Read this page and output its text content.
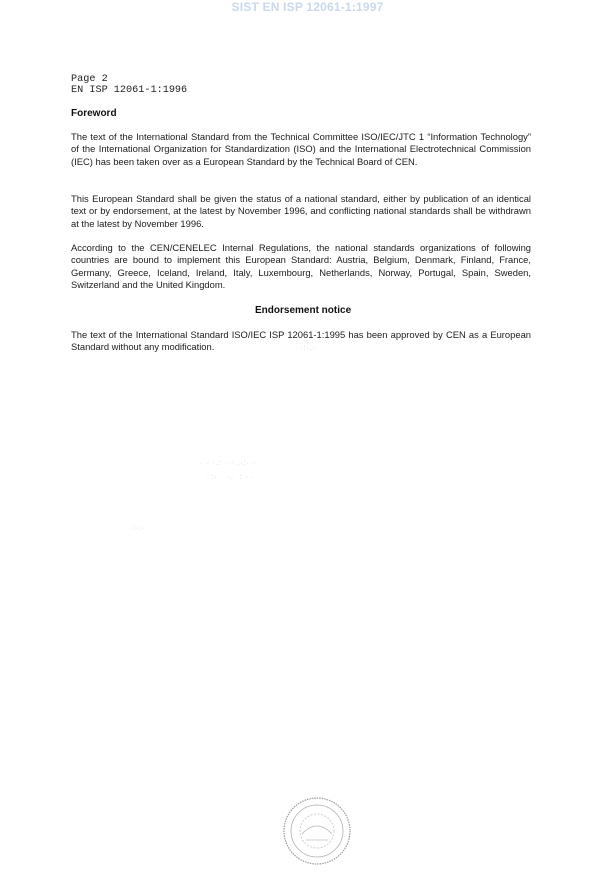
SIST EN ISP 12061-1:1997
Page 2
EN ISP 12061-1:1996
Foreword

The text of the International Standard from the Technical Committee ISO/IEC/JTC 1 “Information Technology” of the International Organization for Standardization (ISO) and the International Electrotechnical Commission (IEC) has been taken over as a European Standard by the Technical Board of CEN.

This European Standard shall be given the status of a national standard, either by publication of an identical text or by endorsement, at the latest by November 1996, and conflicting national standards shall be withdrawn at the latest by November 1996.

According to the CEN/CENELEC Internal Regulations, the national standards organizations of following countries are bound to implement this European Standard: Austria, Belgium, Denmark, Finland, France, Germany, Greece, Iceland, Ireland, Italy, Luxembourg, Netherlands, Norway, Portugal, Spain, Sweden, Switzerland and the United Kingdom.

Endorsement notice

The text of the International Standard ISO/IEC ISP 12061-1:1995 has been approved by CEN as a European Standard without any modification.	·:·.·
· · ·.: · · .·:· ·
· :· · ·.· : · ·
·:·:·
